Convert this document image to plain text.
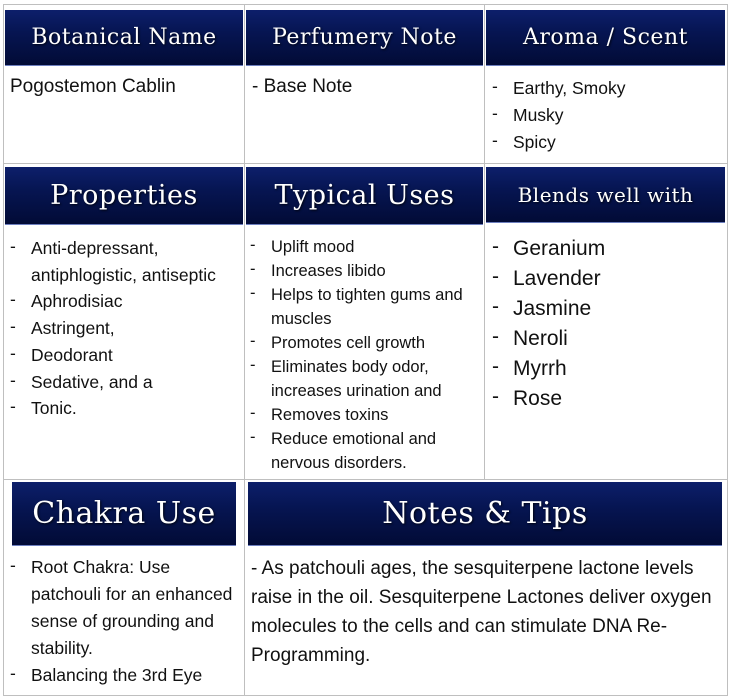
Botanical Name	Perfumery Note	Aroma / Scent
Pogostemon Cablin	- Base Note
-	Earthy, Smoky
- Musky
- Spicy
Properties	Typical Uses	Blends well with
- Anti-depressant, antiphlogistic, antiseptic
- Aphrodisiac
- Astringent,
- Deodorant
- Sedative, and a
- Tonic.
- Uplift mood
- Increases libido
- Helps to tighten gums and muscles
- Promotes cell growth
- Eliminates body odor, increases urination and
- Removes toxins
- Reduce emotional and nervous disorders.
- Geranium
- Lavender
- Jasmine
- Neroli
- Myrrh
- Rose
Chakra Use	Notes & Tips
- Root Chakra: Use patchouli for an enhanced sense of grounding and stability.
- Balancing the 3rd Eye
- As patchouli ages, the sesquiterpene lactone levels raise in the oil. Sesquiterpene Lactones deliver oxygen molecules to the cells and can stimulate DNA Re-Programming.
